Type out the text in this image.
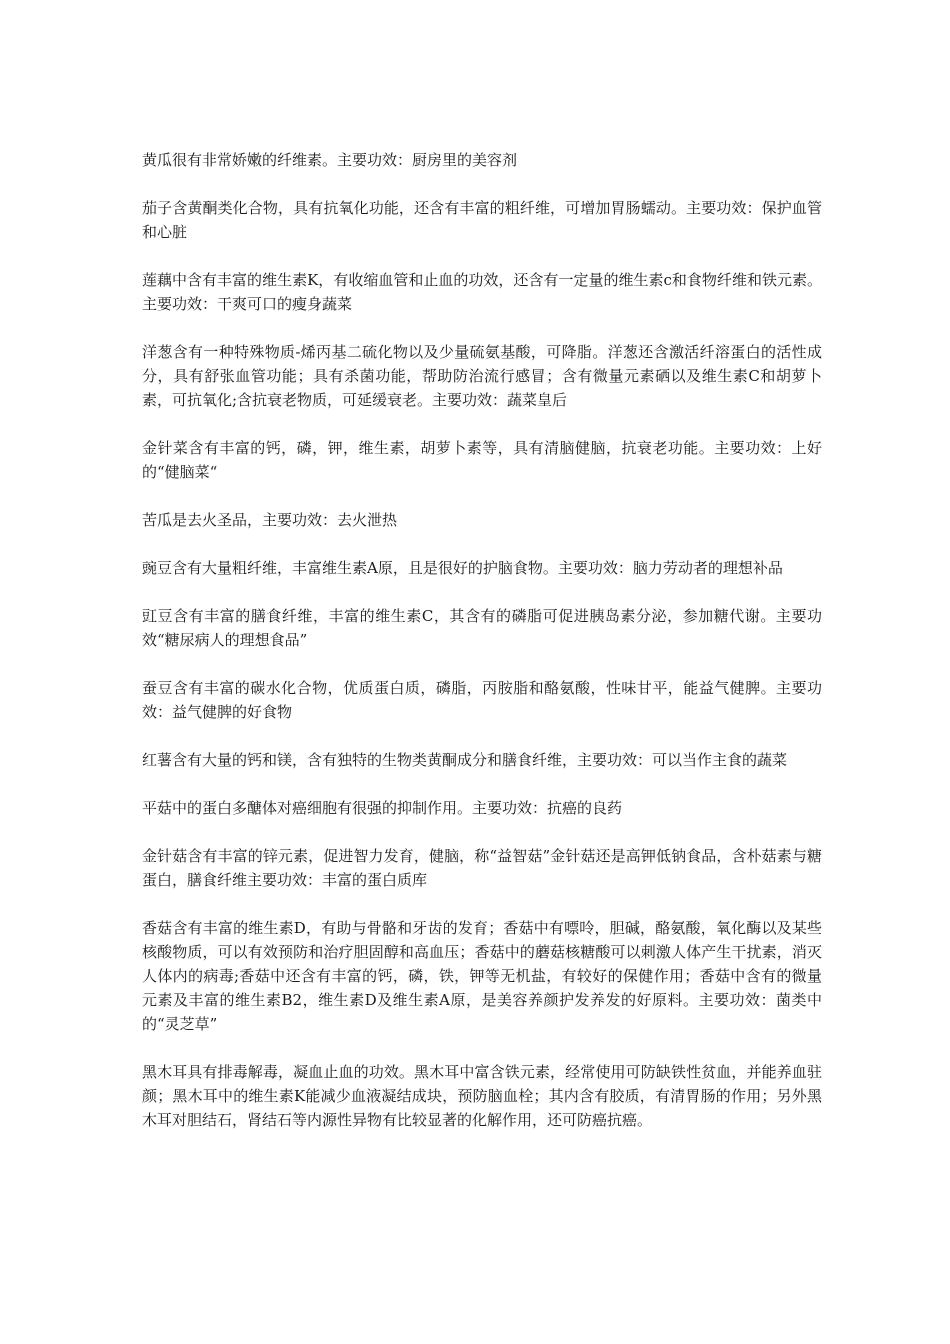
黄瓜很有非常娇嫩的纤维素。主要功效：厨房里的美容剂

茄子含黄酮类化合物，具有抗氧化功能，还含有丰富的粗纤维，可增加胃肠蠕动。主要功效：保护血管和心脏

莲藕中含有丰富的维生素K，有收缩血管和止血的功效，还含有一定量的维生素c和食物纤维和铁元素。主要功效：干爽可口的瘦身蔬菜

洋葱含有一种特殊物质-烯丙基二硫化物以及少量硫氨基酸，可降脂。洋葱还含激活纤溶蛋白的活性成分，具有舒张血管功能；具有杀菌功能，帮助防治流行感冒；含有微量元素硒以及维生素C和胡萝卜素，可抗氧化;含抗衰老物质，可延缓衰老。主要功效：蔬菜皇后

金针菜含有丰富的钙，磷，钾，维生素，胡萝卜素等，具有清脑健脑，抗衰老功能。主要功效：上好的“健脑菜“

苦瓜是去火圣品，主要功效：去火泄热

豌豆含有大量粗纤维，丰富维生素A原，且是很好的护脑食物。主要功效：脑力劳动者的理想补品

豇豆含有丰富的膳食纤维，丰富的维生素C，其含有的磷脂可促进胰岛素分泌，参加糖代谢。主要功效“糖尿病人的理想食品”

蚕豆含有丰富的碳水化合物，优质蛋白质，磷脂，丙胺脂和酪氨酸，性味甘平，能益气健脾。主要功效：益气健脾的好食物

红薯含有大量的钙和镁，含有独特的生物类黄酮成分和膳食纤维，主要功效：可以当作主食的蔬菜

平菇中的蛋白多醣体对癌细胞有很强的抑制作用。主要功效：抗癌的良药

金针菇含有丰富的锌元素，促进智力发育，健脑，称“益智菇”金针菇还是高钾低钠食品，含朴菇素与糖蛋白，膳食纤维主要功效：丰富的蛋白质库

香菇含有丰富的维生素D，有助与骨骼和牙齿的发育；香菇中有嘌呤，胆碱，酪氨酸，氧化酶以及某些核酸物质，可以有效预防和治疗胆固醇和高血压；香菇中的蘑菇核糖酸可以刺激人体产生干扰素，消灭人体内的病毒;香菇中还含有丰富的钙，磷，铁，钾等无机盐，有较好的保健作用；香菇中含有的微量元素及丰富的维生素B2，维生素D及维生素A原，是美容养颜护发养发的好原料。主要功效：菌类中的“灵芝草”

黑木耳具有排毒解毒，凝血止血的功效。黑木耳中富含铁元素，经常使用可防缺铁性贫血，并能养血驻颜；黑木耳中的维生素K能减少血液凝结成块，预防脑血栓；其内含有胶质，有清胃肠的作用；另外黑木耳对胆结石，肾结石等内源性异物有比较显著的化解作用，还可防癌抗癌。
